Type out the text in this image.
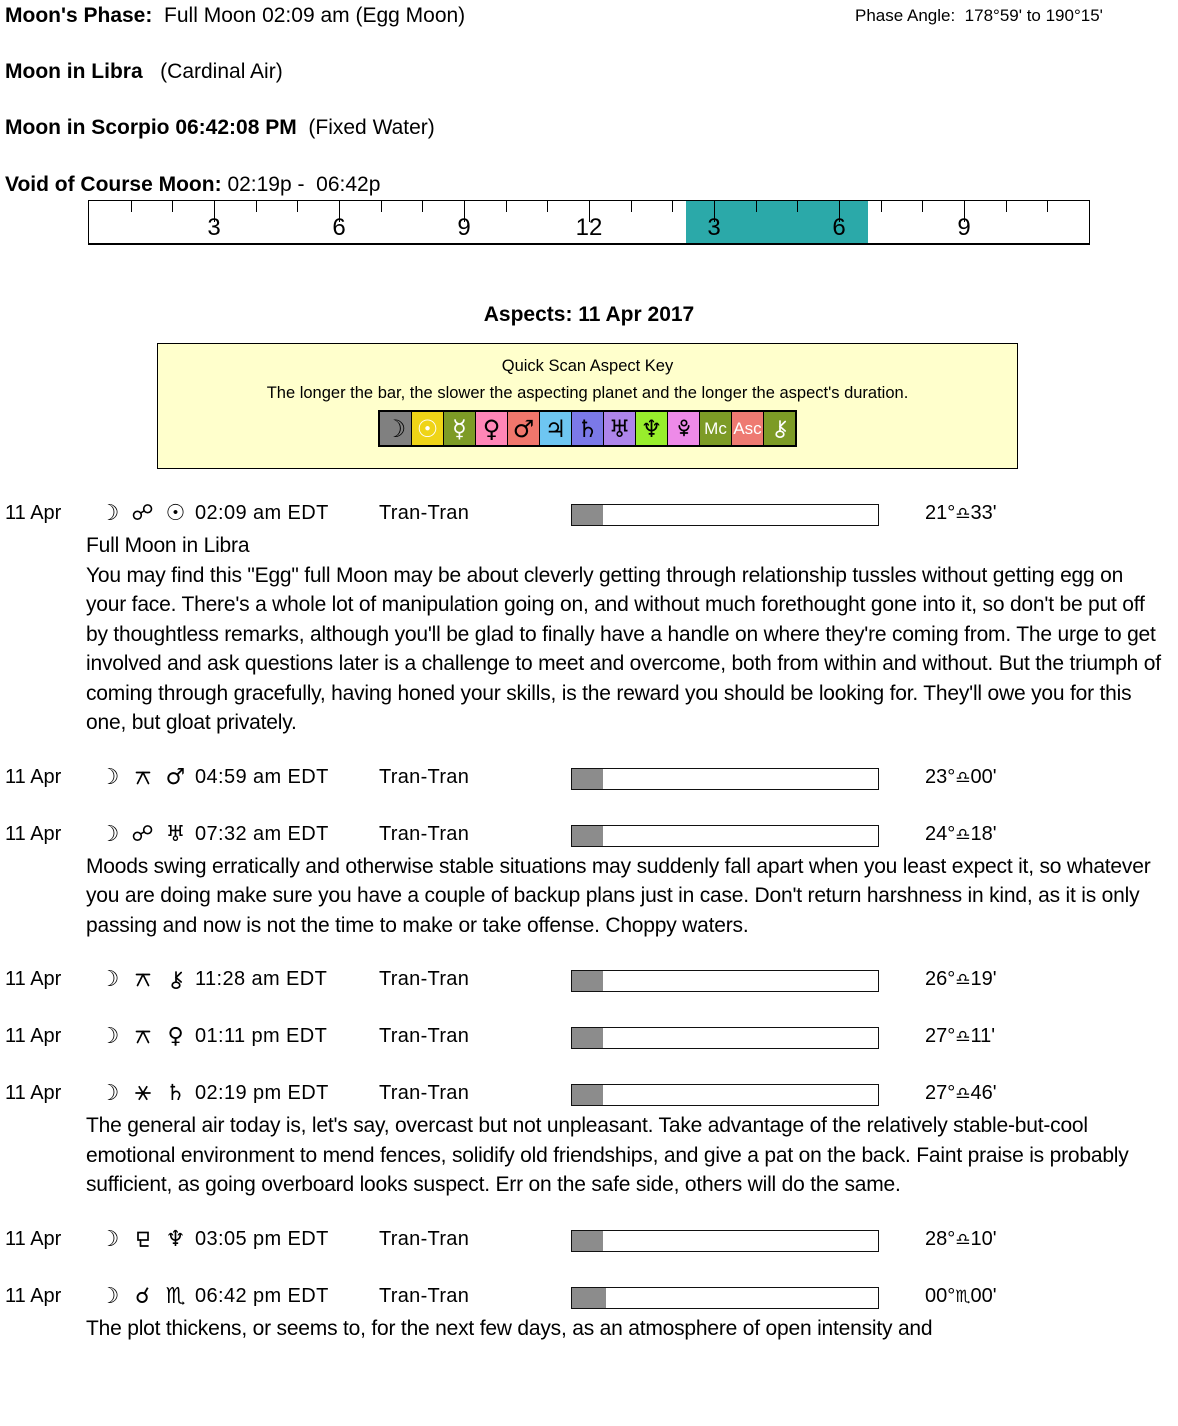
Moon's Phase: Full Moon 02:09 am (Egg Moon)	Phase Angle: 178°59' to 190°15'
Moon in Libra (Cardinal Air)
Moon in Scorpio 06:42:08 PM (Fixed Water)
Void of Course Moon: 02:19p -  06:42p
3	6	9	12	3	6	9
Aspects: 11 Apr 2017
Quick Scan Aspect Key
The longer the bar, the slower the aspecting planet and the longer the aspect's duration.
☽ ☉ ☿ ♀ ♂ ♃ ♄ ♅ ♆ Mc Asc
11 Apr	☽ ☍ ☉ 02:09 am EDT	Tran-Tran	21°♎33'
Full Moon in Libra
You may find this "Egg" full Moon may be about cleverly getting through relationship tussles without getting egg on your face. There's a whole lot of manipulation going on, and without much forethought gone into it, so don't be put off by thoughtless remarks, although you'll be glad to finally have a handle on where they're coming from. The urge to get involved and ask questions later is a challenge to meet and overcome, both from within and without. But the triumph of coming through gracefully, having honed your skills, is the reward you should be looking for. They'll owe you for this one, but gloat privately.
11 Apr	☽	♂ 04:59 am EDT	Tran-Tran	23°♎00'
11 Apr	☽ ☍ ♅ 07:32 am EDT	Tran-Tran	24°♎18'
Moods swing erratically and otherwise stable situations may suddenly fall apart when you least expect it, so whatever you are doing make sure you have a couple of backup plans just in case. Don't return harshness in kind, as it is only passing and now is not the time to make or take offense. Choppy waters.
11 Apr	☽	11:28 am EDT	Tran-Tran	26°♎19'
11 Apr	☽	♀ 01:11 pm EDT	Tran-Tran	27°♎11'
11 Apr	☽	♄ 02:19 pm EDT	Tran-Tran	27°♎46'
The general air today is, let's say, overcast but not unpleasant. Take advantage of the relatively stable-but-cool emotional environment to mend fences, solidify old friendships, and give a pat on the back. Faint praise is probably sufficient, as going overboard looks suspect. Err on the safe side, others will do the same.
11 Apr	☽	♆ 03:05 pm EDT	Tran-Tran	28°♎10'
11 Apr	☽ ☌ ♏ 06:42 pm EDT	Tran-Tran	00°♏00'
The plot thickens, or seems to, for the next few days, as an atmosphere of open intensity and
